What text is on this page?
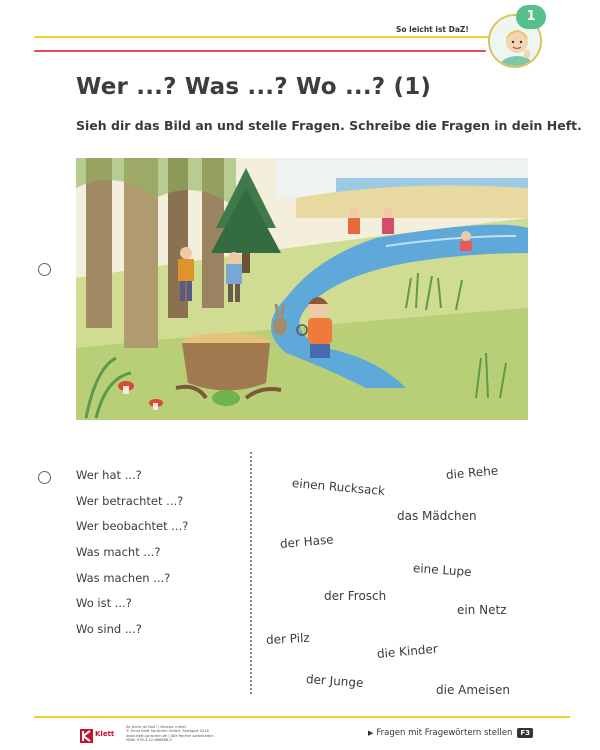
So leicht ist DaZ!
1
Wer ...? Was ...? Wo ...? (1)

Sieh dir das Bild an und stelle Fragen. Schreibe die Fragen in dein Heft.

Wer hat ...?
Wer betrachtet ...?
Wer beobachtet ...?
Was macht ...?
Was machen ...?
Wo ist ...?
Wo sind ...?
einen Rucksack
die Rehe
das Mädchen
der Hase
eine Lupe
der Frosch
ein Netz
der Pilz
die Kinder
der Junge
die Ameisen
Klett
So leicht ist DaZ! | Niveau: mittel
© Ernst Klett Sprachen GmbH, Stuttgart 2016
www.klett-sprachen.de | Alle Rechte vorbehalten
ISBN: 978-3-12-666666-0
▶ Fragen mit Fragewörtern stellen F3
